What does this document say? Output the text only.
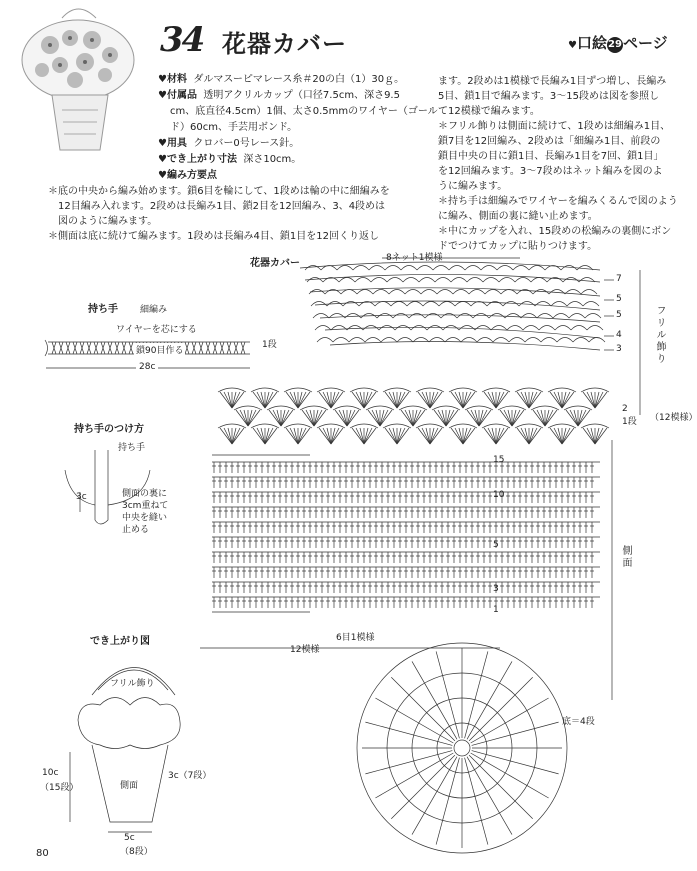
34 花器カバー	♥口絵29ページ
♥材料 ダルマスーピマレース糸＃20の白（1）30ｇ。
♥付属品 透明アクリルカップ（口径7.5cm、深さ9.5
cm、底直径4.5cm）1個、太さ0.5mmのワイヤー（ゴール
ド）60cm、手芸用ボンド。
♥用具 クロバー0号レース針。
♥でき上がり寸法 深さ10cm。
♥編み方要点
＊底の中央から編み始めます。鎖6目を輪にして、1段めは輪の中に細編みを
12目編み入れます。2段めは長編み1目、鎖2目を12回編み、3、4段めは
図のように編みます。
＊側面は底に続けて編みます。1段めは長編み4目、鎖1目を12回くり返し
ます。2段めは1模様で長編み1目ずつ増し、長編み
5目、鎖1目で編みます。3〜15段めは図を参照し
て12模様で編みます。
＊フリル飾りは側面に続けて、1段めは細編み1目、
鎖7目を12回編み、2段めは「細編み1目、前段の
鎖目中央の目に鎖1目、長編み1目を7回、鎖1目」
を12回編みます。3〜7段めはネット編みを図のよ
うに編みます。
＊持ち手は細編みでワイヤーを編みくるんで図のよう
に編み、側面の裏に縫い止めます。
＊中にカップを入れ、15段めの松編みの裏側にボン
ドでつけてカップに貼りつけます。
花器カバー	8ネット1模様
フリル飾り
（12模様）
7
5
5
4
3
2
1段
側面
底＝4段
6目1模様
12模様
15
10
5
3
1
持ち手 細編み
ワイヤーを芯にする
鎖90目作る
1段
28c
持ち手のつけ方
持ち手
3c	側面の裏に
3cm重ねて
中央を縫い
止める
でき上がり図
フリル飾り
側面
10c
（15段）
3c（7段）
5c
（8段）
80
